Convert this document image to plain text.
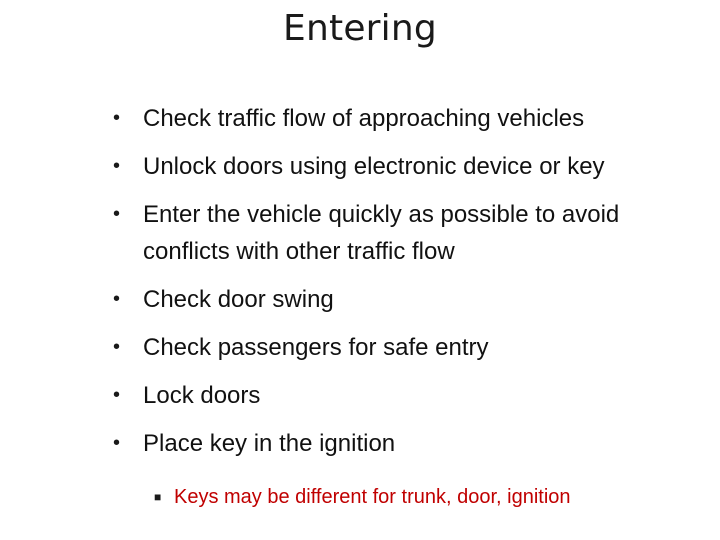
Entering
• Check traffic flow of approaching vehicles
• Unlock doors using electronic device or key
• Enter the vehicle quickly as possible to avoid conflicts with other traffic flow
• Check door swing
• Check passengers for safe entry
• Lock doors
• Place key in the ignition
■ Keys may be different for trunk, door, ignition
